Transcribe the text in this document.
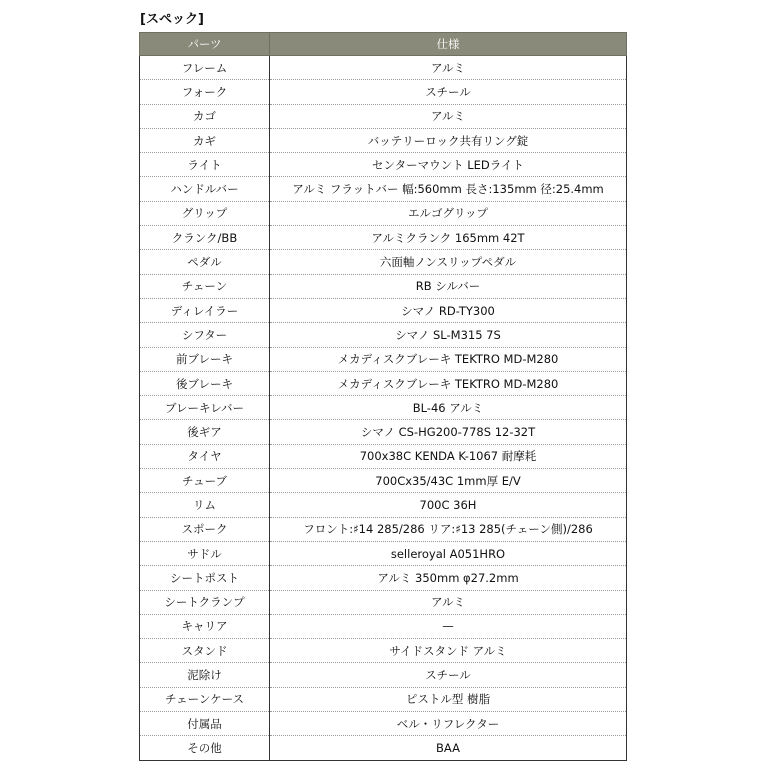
[スペック]
パーツ	仕様
フレーム	アルミ
フォーク	スチール
カゴ	アルミ
カギ	バッテリーロック共有リング錠
ライト	センターマウント LEDライト
ハンドルバー	アルミ フラットバー 幅:560mm 長さ:135mm 径:25.4mm
グリップ	エルゴグリップ
クランク/BB	アルミクランク 165mm 42T
ペダル	六面軸ノンスリップペダル
チェーン	RB シルバー
ディレイラー	シマノ RD-TY300
シフター	シマノ SL-M315 7S
前ブレーキ	メカディスクブレーキ TEKTRO MD-M280
後ブレーキ	メカディスクブレーキ TEKTRO MD-M280
ブレーキレバー	BL-46 アルミ
後ギア	シマノ CS-HG200-778S 12-32T
タイヤ	700x38C KENDA K-1067 耐摩耗
チューブ	700Cx35/43C 1mm厚 E/V
リム	700C 36H
スポーク	フロント:♯14 285/286 リア:♯13 285(チェーン側)/286
サドル	selleroyal A051HRO
シートポスト	アルミ 350mm φ27.2mm
シートクランプ	アルミ
キャリア	—
スタンド	サイドスタンド アルミ
泥除け	スチール
チェーンケース	ピストル型 樹脂
付属品	ベル・リフレクター
その他	BAA
